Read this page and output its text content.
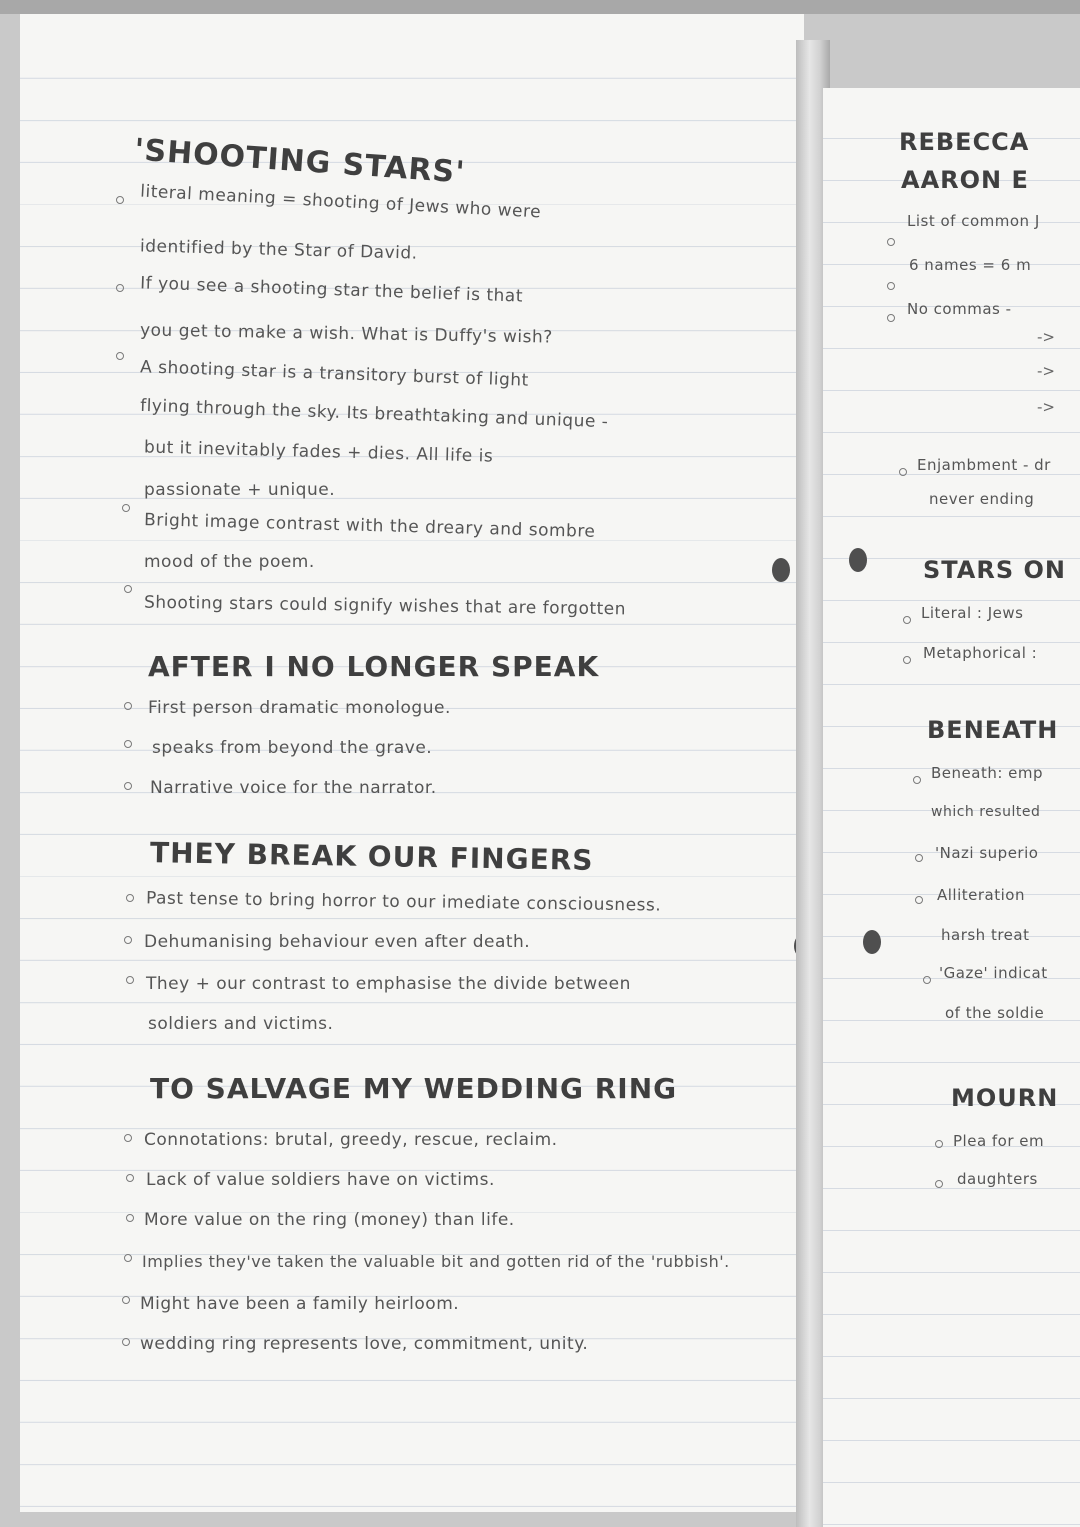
'SHOOTING STARS'
literal meaning = shooting of Jews who were
identified by the Star of David.
If you see a shooting star the belief is that
you get to make a wish. What is Duffy's wish?
A shooting star is a transitory burst of light
flying through the sky. Its breathtaking and unique -
but it inevitably fades + dies. All life is
passionate + unique.
Bright image contrast with the dreary and sombre
mood of the poem.
Shooting stars could signify wishes that are forgotten
AFTER I NO LONGER SPEAK
First person dramatic monologue.
speaks from beyond the grave.
Narrative voice for the narrator.
THEY BREAK OUR FINGERS
Past tense to bring horror to our imediate consciousness.
Dehumanising behaviour even after death.
They + our contrast to emphasise the divide between
soldiers and victims.
TO SALVAGE MY WEDDING RING
Connotations: brutal, greedy, rescue, reclaim.
Lack of value soldiers have on victims.
More value on the ring (money) than life.
Implies they've taken the valuable bit and gotten rid of the 'rubbish'.
Might have been a family heirloom.
wedding ring represents love, commitment, unity.
REBECCA
AARON E
List of common J
6 names = 6 m
No commas -
->
->
->
Enjambment - dr
never ending
STARS ON
Literal : Jews
Metaphorical :
BENEATH
Beneath: emp
which resulted
'Nazi superio
Alliteration
harsh treat
'Gaze' indicat
of the soldie
MOURN
Plea for em
daughters
